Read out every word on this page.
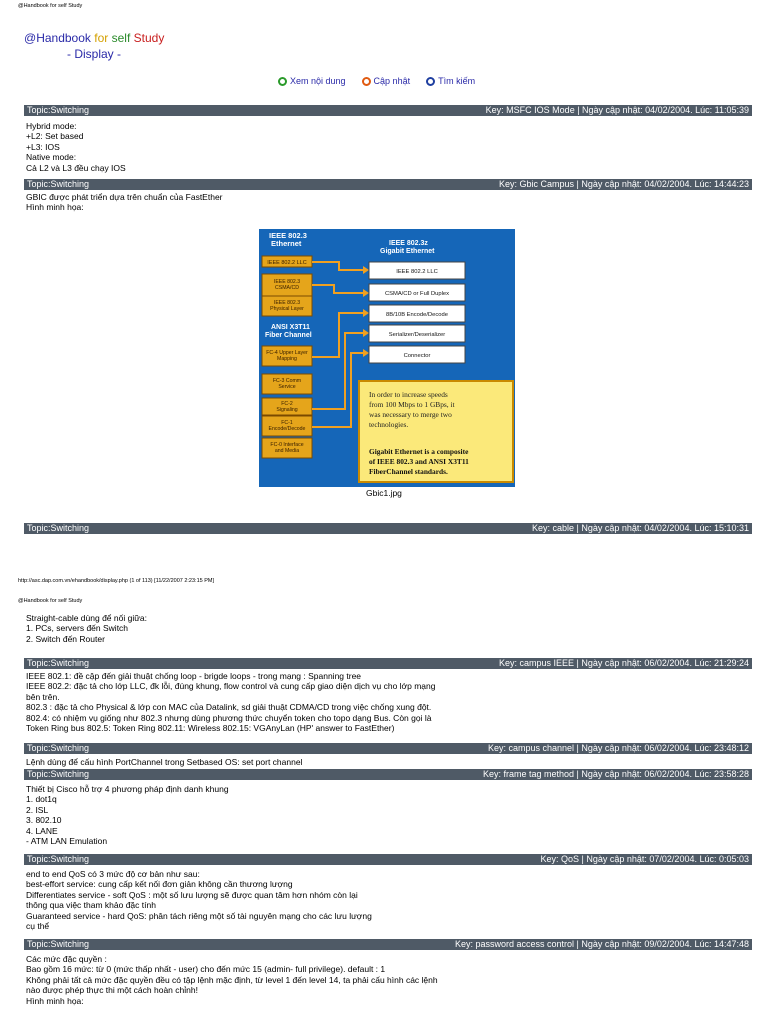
@Handbook for self Study
@Handbook for self Study
- Display -
Xem nội dung	Cập nhật	Tìm kiếm
Topic:Switching	Key: MSFC IOS Mode | Ngày cập nhật: 04/02/2004. Lúc: 11:05:39
Hybrid mode:
+L2: Set based
+L3: IOS
Native mode:
Cả L2 và L3 đều chạy IOS
Topic:Switching	Key: Gbic Campus | Ngày cập nhật: 04/02/2004. Lúc: 14:44:23
GBIC được phát triển dựa trên chuẩn của FastEther
Hình minh họa:
IEEE 802.3 Ethernet	IEEE 802.3z Gigabit Ethernet
IEEE 802.2 LLC
IEEE 802.3 CSMA/CD
IEEE 802.3 Physical Layer
ANSI X3T11 Fiber Channel
FC-4 Upper Layer Mapping
FC-3 Comm Service
FC-2 Signaling
FC-1 Encode/Decode
FC-0 Interface and Media
IEEE 802.2 LLC
CSMA/CD or Full Duplex
8B/10B Encode/Decode
Serializer/Deserializer
Connector
In order to increase speeds from 100 Mbps to 1 GBps, it was necessary to merge two technologies.
Gigabit Ethernet is a composite of IEEE 802.3 and ANSI X3T11 FiberChannel standards.
Gbic1.jpg
Topic:Switching	Key: cable | Ngày cập nhật: 04/02/2004. Lúc: 15:10:31
http://asc.dap.com.vn/ehandbook/display.php (1 of 113) [11/22/2007 2:23:15 PM]
@Handbook for self Study
Straight-cable dùng để nối giữa:
1. PCs, servers đến Switch
2. Switch đến Router
Topic:Switching	Key: campus IEEE | Ngày cập nhật: 06/02/2004. Lúc: 21:29:24
IEEE 802.1: đề cập đến giải thuật chống loop - brigde loops - trong mạng : Spanning tree
IEEE 802.2: đặc tả cho lớp LLC, đk lỗi, đúng khung, flow control và cung cấp giao diện dịch vụ cho lớp mạng
bên trên.
802.3 : đặc tả cho Physical & lớp con MAC của Datalink, sd giải thuật CDMA/CD trong việc chống xung đột.
802.4: có nhiệm vụ giống như 802.3 nhưng dùng phương thức chuyển token cho topo dạng Bus. Còn gọi là
Token Ring bus 802.5: Token Ring 802.11: Wireless 802.15: VGAnyLan (HP' answer to FastEther)
Topic:Switching	Key: campus channel | Ngày cập nhật: 06/02/2004. Lúc: 23:48:12
Lệnh dùng để cấu hình PortChannel trong Setbased OS: set port channel
Topic:Switching	Key: frame tag method | Ngày cập nhật: 06/02/2004. Lúc: 23:58:28
Thiết bị Cisco hỗ trợ 4 phương pháp định danh khung
1. dot1q
2. ISL
3. 802.10
4. LANE
- ATM LAN Emulation
Topic:Switching	Key: QoS | Ngày cập nhật: 07/02/2004. Lúc: 0:05:03
end to end QoS có 3 mức độ cơ bản như sau:
best-effort service: cung cấp kết nối đơn giản không cần thương lượng
Differentiates service - soft QoS : một số lưu lượng sẽ được quan tâm hơn nhóm còn lại
thông qua việc tham khảo đặc tính
Guaranteed service - hard QoS: phân tách riêng một số tài nguyên mạng cho các lưu lượng
cụ thể
Topic:Switching	Key: password access control | Ngày cập nhật: 09/02/2004. Lúc: 14:47:48
Các mức đặc quyền :
Bao gồm 16 mức: từ 0 (mức thấp nhất - user) cho đến mức 15 (admin- full privilege). default : 1
Không phải tất cả mức đặc quyền đều có tập lệnh mặc định, từ level 1 đến level 14, ta phải cấu hình các lệnh
nào được phép thực thi một cách hoàn chỉnh!
Hình minh họa:
